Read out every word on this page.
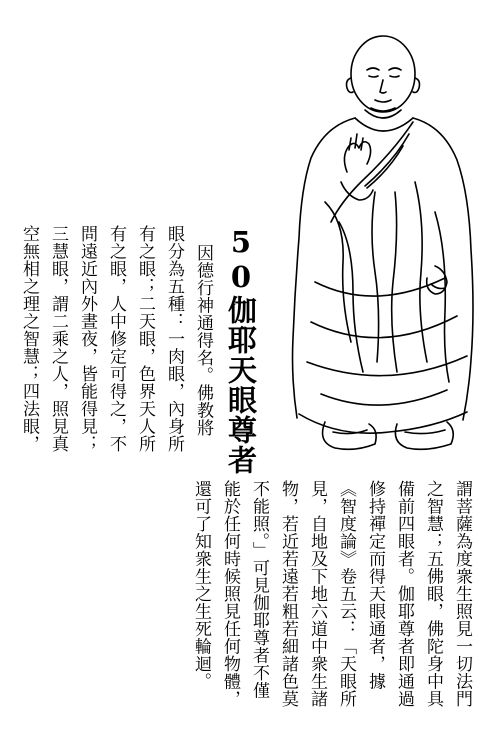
50伽耶天眼尊者
因德行神通得名。佛教將
眼分為五種：一肉眼，內身所
有之眼；二天眼，色界天人所
有之眼，人中修定可得之，不
問遠近內外晝夜，皆能得見；
三慧眼，謂二乘之人，照見真
空無相之理之智慧；四法眼，
謂菩薩為度衆生照見一切法門
之智慧；五佛眼，佛陀身中具
備前四眼者。伽耶尊者即通過
修持禪定而得天眼通者，據
《智度論》卷五云：「天眼所
見，自地及下地六道中衆生諸
物，若近若遠若粗若細諸色莫
不能照。」可見伽耶尊者不僅
能於任何時候照見任何物體，
還可了知衆生之生死輪迴。
